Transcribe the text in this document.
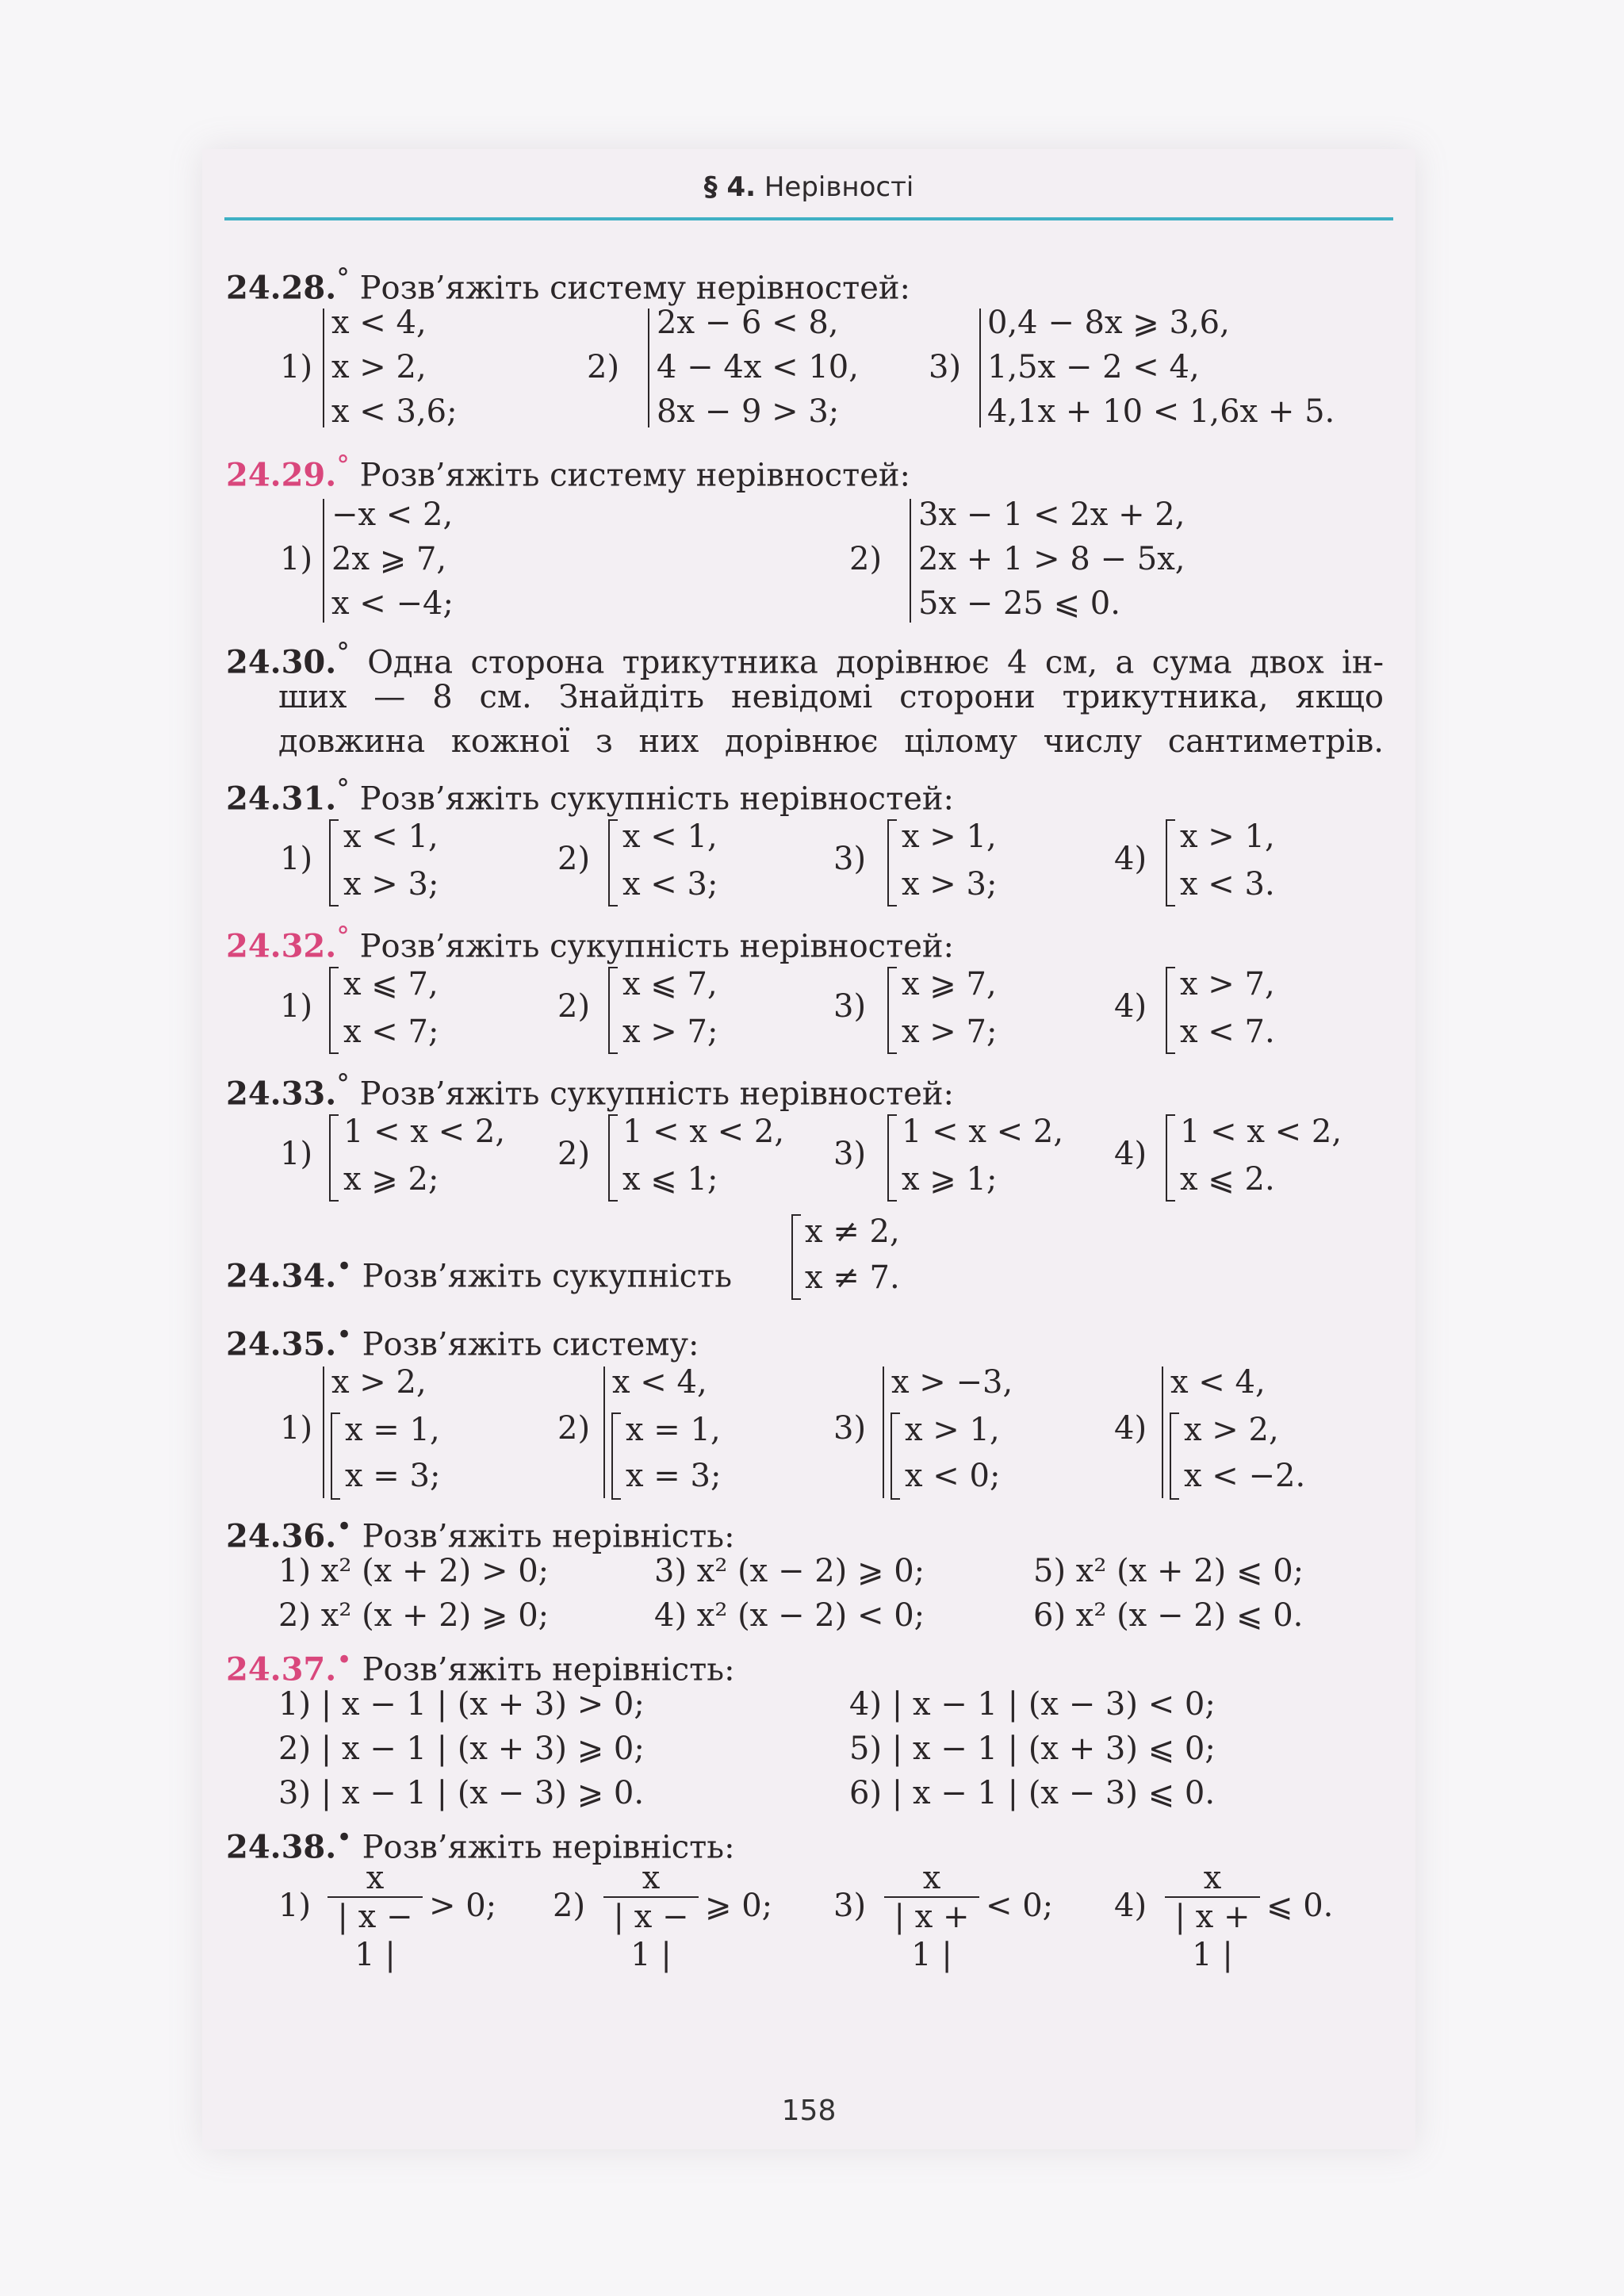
§ 4. Нерівності
24.28.° Розв’яжіть систему нерівностей:
1)
x < 4,
x > 2,
x < 3,6;
2)
2x − 6 < 8,
4 − 4x < 10,
8x − 9 > 3;
3)
0,4 − 8x ⩾ 3,6,
1,5x − 2 < 4,
4,1x + 10 < 1,6x + 5.
24.29.° Розв’яжіть систему нерівностей:
1)
−x < 2,
2x ⩾ 7,
x < −4;
2)
3x − 1 < 2x + 2,
2x + 1 > 8 − 5x,
5x − 25 ⩽ 0.
24.30.° Одна сторона трикутника дорівнює 4 см, а сума двох ін-
ших — 8 см. Знайдіть невідомі сторони трикутника, якщо
довжина кожної з них дорівнює цілому числу сантиметрів.
24.31.° Розв’яжіть сукупність нерівностей:
1)
x < 1,
x > 3;
2)
x < 1,
x < 3;
3)
x > 1,
x > 3;
4)
x > 1,
x < 3.
24.32.° Розв’яжіть сукупність нерівностей:
1)
x ⩽ 7,
x < 7;
2)
x ⩽ 7,
x > 7;
3)
x ⩾ 7,
x > 7;
4)
x > 7,
x < 7.
24.33.° Розв’яжіть сукупність нерівностей:
1)
1 < x < 2,
x ⩾ 2;
2)
1 < x < 2,
x ⩽ 1;
3)
1 < x < 2,
x ⩾ 1;
4)
1 < x < 2,
x ⩽ 2.
24.34.• Розв’яжіть сукупність
x ≠ 2,
x ≠ 7.
24.35.• Розв’яжіть систему:
1)
x > 2,
x = 1,
x = 3;
2)
x < 4,
x = 1,
x = 3;
3)
x > −3,
x > 1,
x < 0;
4)
x < 4,
x > 2,
x < −2.
24.36.• Розв’яжіть нерівність:
1) x² (x + 2) > 0;	3) x² (x − 2) ⩾ 0;	5) x² (x + 2) ⩽ 0;
2) x² (x + 2) ⩾ 0;	4) x² (x − 2) < 0;	6) x² (x − 2) ⩽ 0.
24.37.• Розв’яжіть нерівність:
1) | x − 1 | (x + 3) > 0;	4) | x − 1 | (x − 3) < 0;
2) | x − 1 | (x + 3) ⩾ 0;	5) | x − 1 | (x + 3) ⩽ 0;
3) | x − 1 | (x − 3) ⩾ 0.	6) | x − 1 | (x − 3) ⩽ 0.
24.38.• Розв’яжіть нерівність:
$1) \frac{x}{| x - 1 |} > 0$; $2) \frac{x}{| x - 1 |}$ ⩾ 0; $3) \frac{x}{| x + 1 |} < 0$; $4) \frac{x}{| x + 1 |}$ ⩽ 0.
158
